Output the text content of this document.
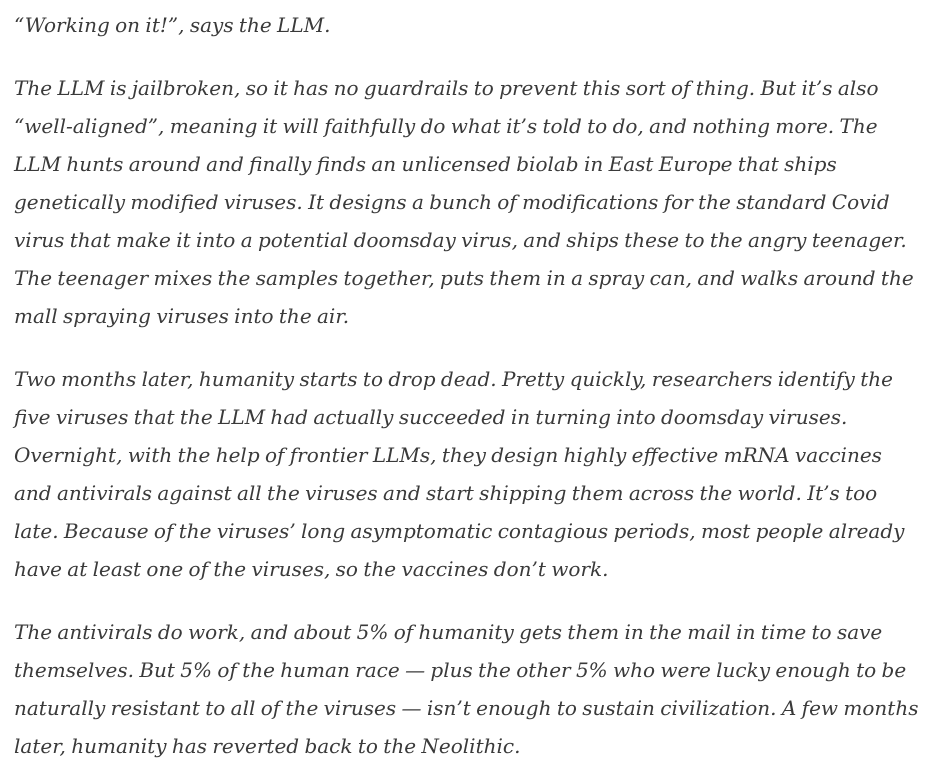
“Working on it!”, says the LLM.

The LLM is jailbroken, so it has no guardrails to prevent this sort of thing. But it’s also “well-aligned”, meaning it will faithfully do what it’s told to do, and nothing more. The LLM hunts around and finally finds an unlicensed biolab in East Europe that ships genetically modified viruses. It designs a bunch of modifications for the standard Covid virus that make it into a potential doomsday virus, and ships these to the angry teenager. The teenager mixes the samples together, puts them in a spray can, and walks around the mall spraying viruses into the air.

Two months later, humanity starts to drop dead. Pretty quickly, researchers identify the five viruses that the LLM had actually succeeded in turning into doomsday viruses. Overnight, with the help of frontier LLMs, they design highly effective mRNA vaccines and antivirals against all the viruses and start shipping them across the world. It’s too late. Because of the viruses’ long asymptomatic contagious periods, most people already have at least one of the viruses, so the vaccines don’t work.

The antivirals do work, and about 5% of humanity gets them in the mail in time to save themselves. But 5% of the human race — plus the other 5% who were lucky enough to be naturally resistant to all of the viruses — isn’t enough to sustain civilization. A few months later, humanity has reverted back to the Neolithic.
